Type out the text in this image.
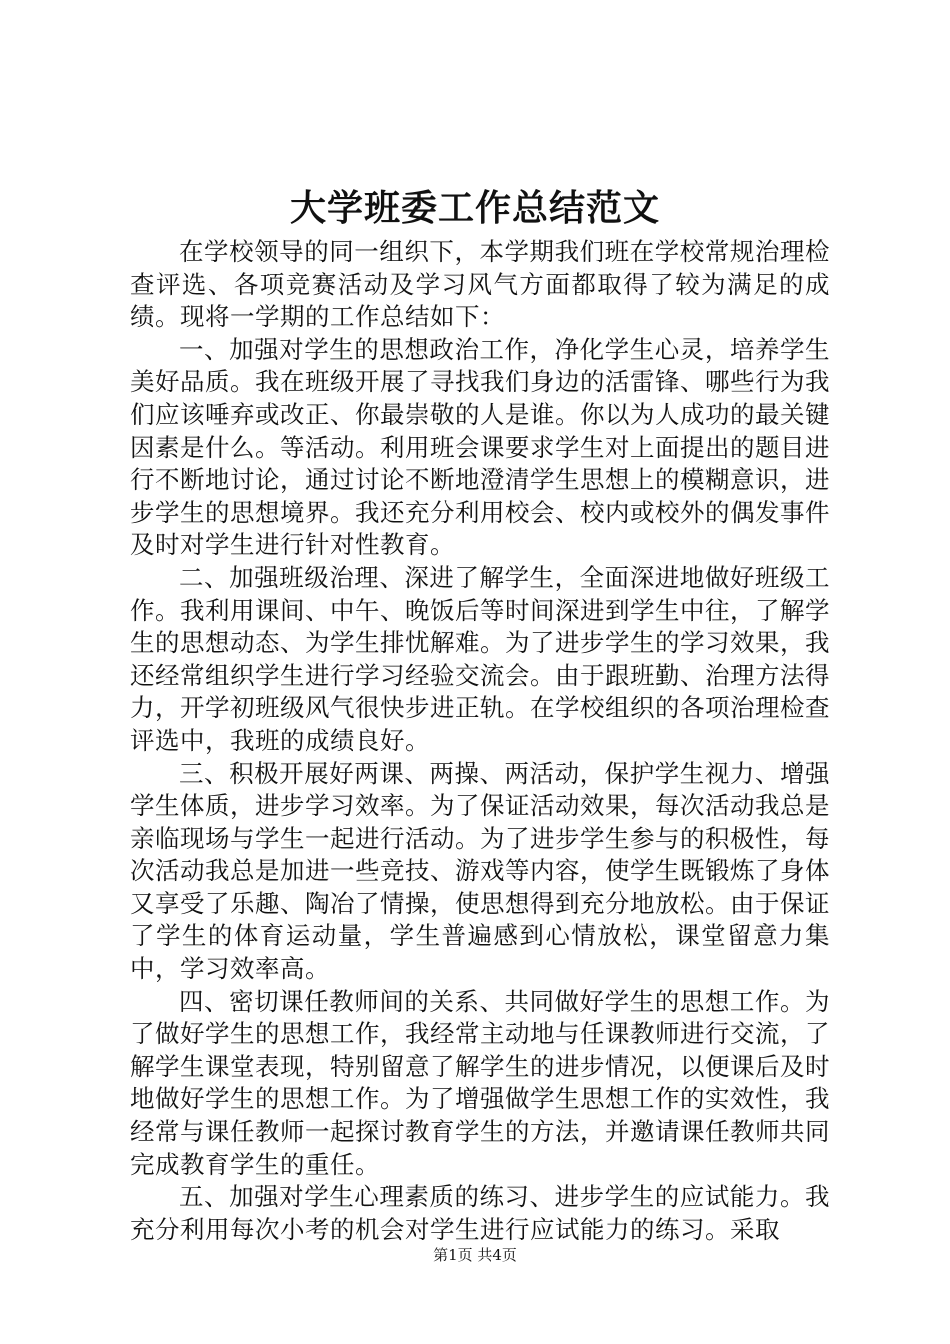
大学班委工作总结范文

在学校领导的同一组织下，本学期我们班在学校常规治理检查评选、各项竞赛活动及学习风气方面都取得了较为满足的成绩。现将一学期的工作总结如下：

一、加强对学生的思想政治工作，净化学生心灵，培养学生美好品质。我在班级开展了寻找我们身边的活雷锋、哪些行为我们应该唾弃或改正、你最崇敬的人是谁。你以为人成功的最关键因素是什么。等活动。利用班会课要求学生对上面提出的题目进行不断地讨论，通过讨论不断地澄清学生思想上的模糊意识，进步学生的思想境界。我还充分利用校会、校内或校外的偶发事件及时对学生进行针对性教育。

二、加强班级治理、深进了解学生，全面深进地做好班级工作。我利用课间、中午、晚饭后等时间深进到学生中往，了解学生的思想动态、为学生排忧解难。为了进步学生的学习效果，我还经常组织学生进行学习经验交流会。由于跟班勤、治理方法得力，开学初班级风气很快步进正轨。在学校组织的各项治理检查评选中，我班的成绩良好。

三、积极开展好两课、两操、两活动，保护学生视力、增强学生体质，进步学习效率。为了保证活动效果，每次活动我总是亲临现场与学生一起进行活动。为了进步学生参与的积极性，每次活动我总是加进一些竞技、游戏等内容，使学生既锻炼了身体又享受了乐趣、陶冶了情操，使思想得到充分地放松。由于保证了学生的体育运动量，学生普遍感到心情放松，课堂留意力集中，学习效率高。

四、密切课任教师间的关系、共同做好学生的思想工作。为了做好学生的思想工作，我经常主动地与任课教师进行交流，了解学生课堂表现，特别留意了解学生的进步情况，以便课后及时地做好学生的思想工作。为了增强做学生思想工作的实效性，我经常与课任教师一起探讨教育学生的方法，并邀请课任教师共同完成教育学生的重任。

五、加强对学生心理素质的练习、进步学生的应试能力。我充分利用每次小考的机会对学生进行应试能力的练习。采取

第1页 共4页
